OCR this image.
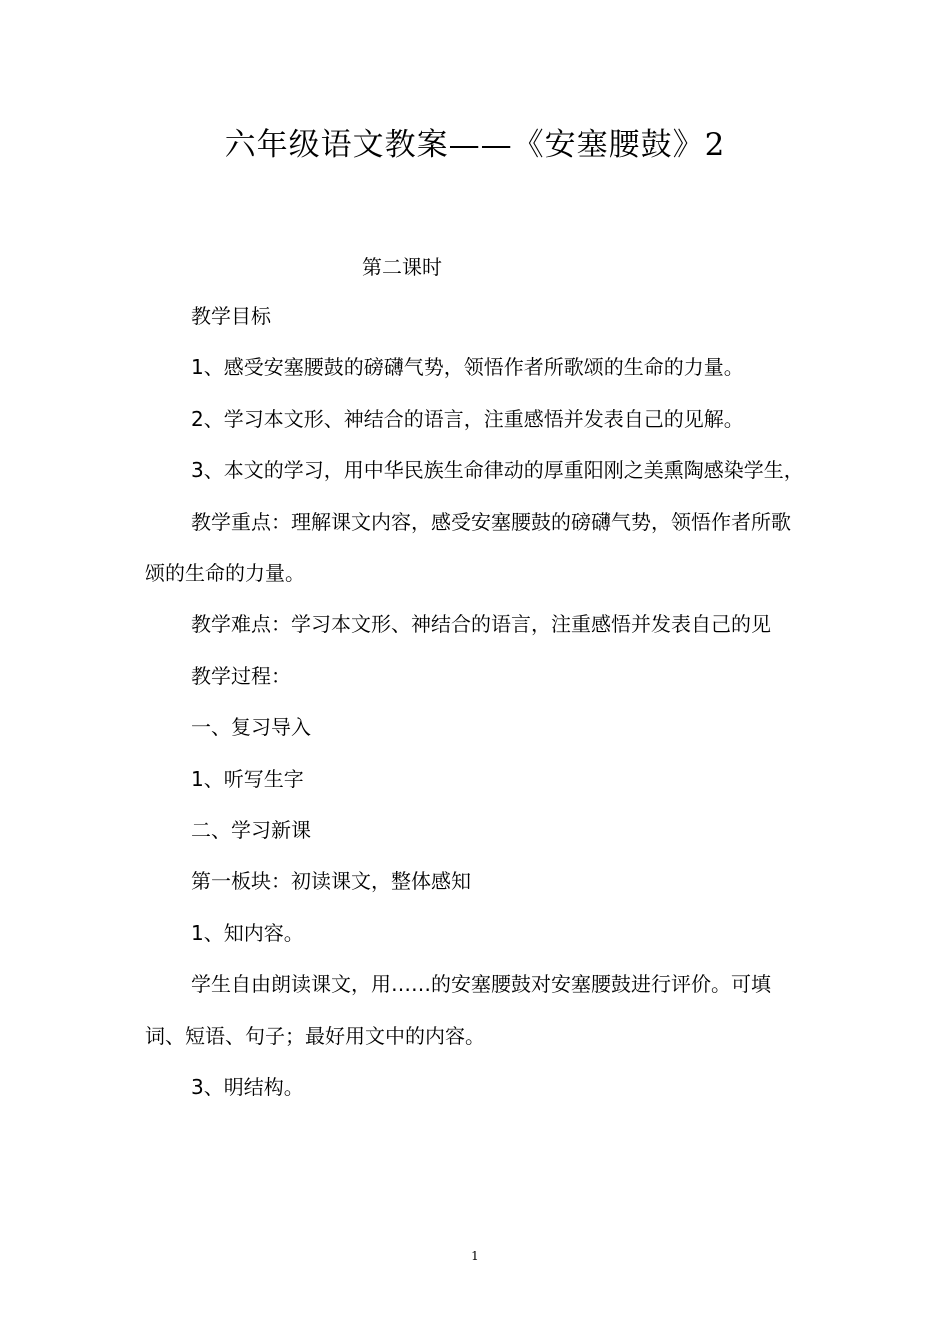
六年级语文教案——《安塞腰鼓》2
第二课时

教学目标

1、感受安塞腰鼓的磅礴气势，领悟作者所歌颂的生命的力量。

2、学习本文形、神结合的语言，注重感悟并发表自己的见解。

3、本文的学习，用中华民族生命律动的厚重阳刚之美熏陶感染学生，

教学重点：理解课文内容，感受安塞腰鼓的磅礴气势，领悟作者所歌颂的生命的力量。

教学难点：学习本文形、神结合的语言，注重感悟并发表自己的见

教学过程：

一、复习导入

1、听写生字

二、学习新课

第一板块：初读课文，整体感知

1、知内容。

学生自由朗读课文，用……的安塞腰鼓对安塞腰鼓进行评价。可填词、短语、句子；最好用文中的内容。

3、明结构。

1
